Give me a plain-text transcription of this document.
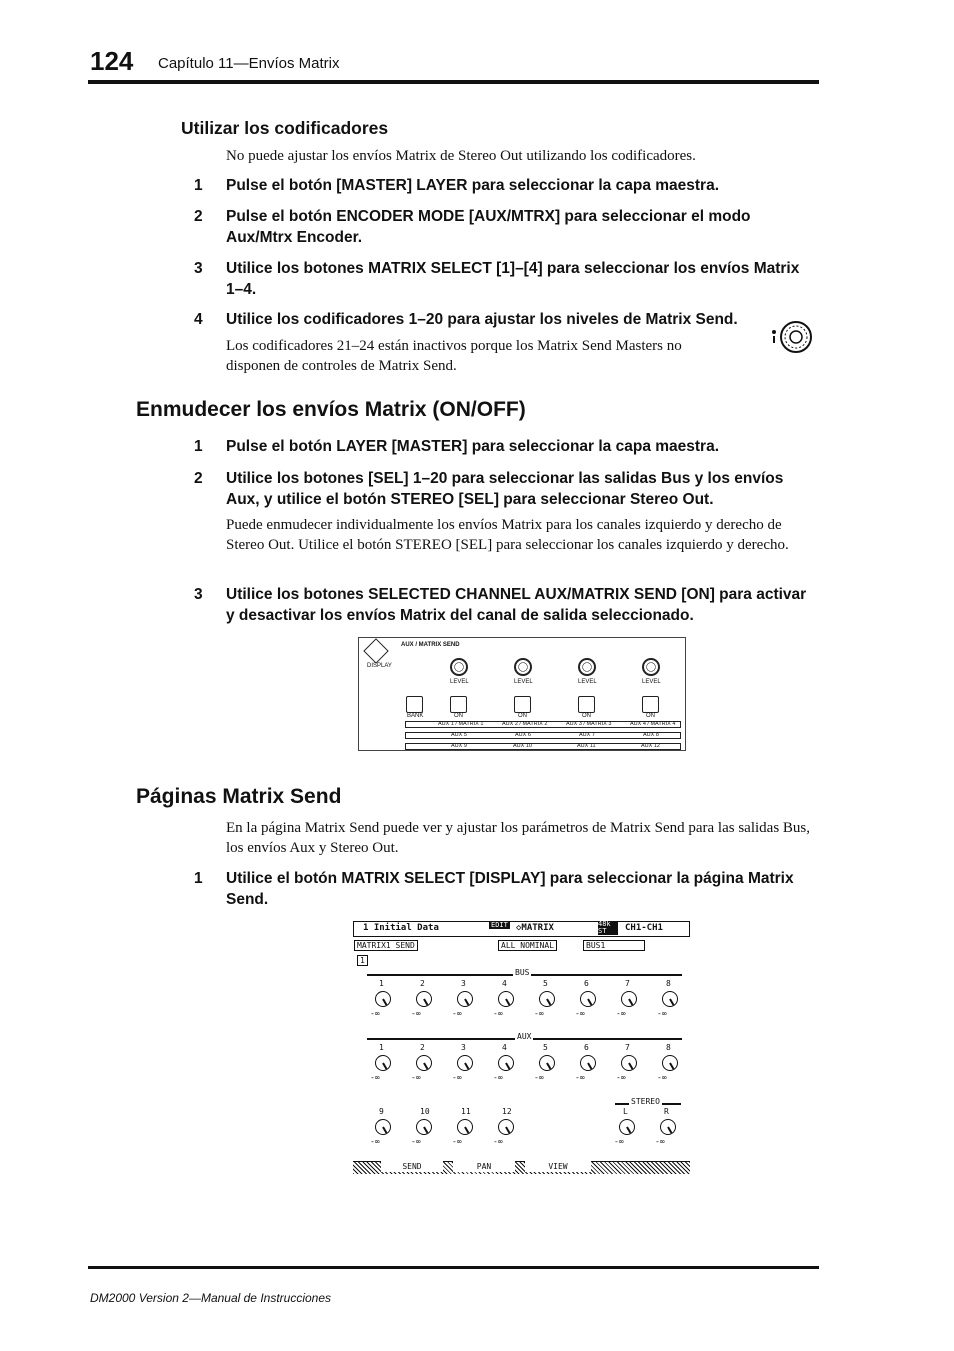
124 Capítulo 11—Envíos Matrix
Utilizar los codificadores
No puede ajustar los envíos Matrix de Stereo Out utilizando los codificadores.
1 Pulse el botón [MASTER] LAYER para seleccionar la capa maestra.
2 Pulse el botón ENCODER MODE [AUX/MTRX] para seleccionar el modo Aux/Mtrx Encoder.
3 Utilice los botones MATRIX SELECT [1]–[4] para seleccionar los envíos Matrix 1–4.
4 Utilice los codificadores 1–20 para ajustar los niveles de Matrix Send.
Los codificadores 21–24 están inactivos porque los Matrix Send Masters no disponen de controles de Matrix Send.
Enmudecer los envíos Matrix (ON/OFF)
1 Pulse el botón LAYER [MASTER] para seleccionar la capa maestra.
2 Utilice los botones [SEL] 1–20 para seleccionar las salidas Bus y los envíos Aux, y utilice el botón STEREO [SEL] para seleccionar Stereo Out.
Puede enmudecer individualmente los envíos Matrix para los canales izquierdo y derecho de Stereo Out. Utilice el botón STEREO [SEL] para seleccionar los canales izquierdo y derecho.
3 Utilice los botones SELECTED CHANNEL AUX/MATRIX SEND [ON] para activar y desactivar los envíos Matrix del canal de salida seleccionado.
AUX / MATRIX SEND
DISPLAY
LEVEL	LEVEL	LEVEL	LEVEL
BANK	ON	ON	ON	ON
AUX 1 / MATRIX 1	AUX 2 / MATRIX 2	AUX 3 / MATRIX 3	AUX 4 / MATRIX 4
AUX 5	AUX 6	AUX 7	AUX 8
AUX 9	AUX 10	AUX 11	AUX 12
Páginas Matrix Send
En la página Matrix Send puede ver y ajustar los parámetros de Matrix Send para las salidas Bus, los envíos Aux y Stereo Out.
1 Utilice el botón MATRIX SELECT [DISPLAY] para seleccionar la página Matrix Send.
1 Initial Data	EDIT ◇MATRIX	48k ST	CH1-CH1
MATRIX1 SEND	ALL NOMINAL	BUS1
1
BUS
1
-∞
2
-∞
3
-∞
4
-∞
5
-∞
6
-∞
7
-∞
8
-∞
AUX
1
-∞
2
-∞
3
-∞
4
-∞
5
-∞
6
-∞
7
-∞
8
-∞
9
-∞
10
-∞
11
-∞
12
-∞
STEREO
L
-∞
R
-∞
SEND	PAN	VIEW
DM2000 Version 2—Manual de Instrucciones
